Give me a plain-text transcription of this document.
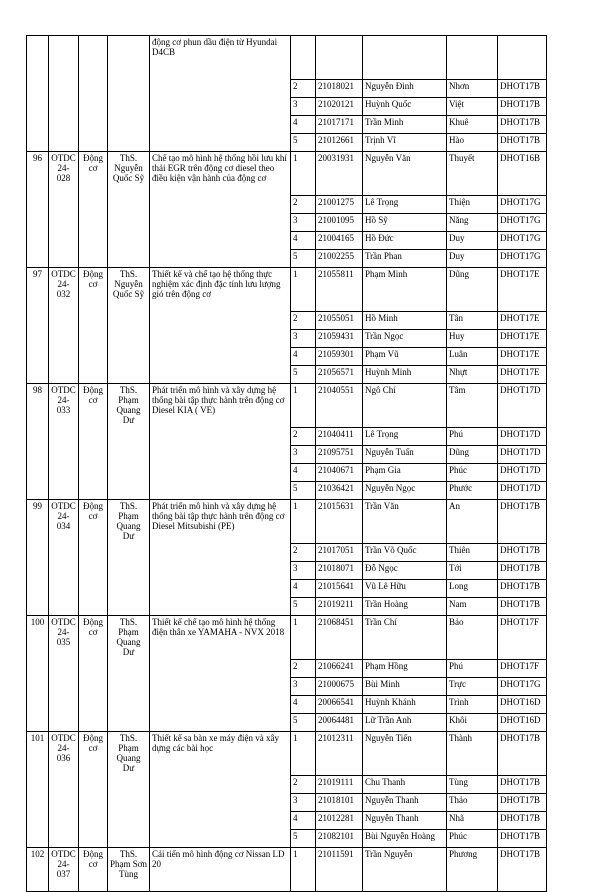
				động cơ phun dầu điện từ Hyundai D4CB					
					2	21018021	Nguyễn Đình	Nhơn	DHOT17B
					3	21020121	Huỳnh Quốc	Việt	DHOT17B
					4	21017171	Trần Minh	Khuê	DHOT17B
					5	21012661	Trịnh Vĩ	Hào	DHOT17B
96	OTDC 24-028	Động cơ	ThS. Nguyễn Quốc Sỹ	Chế tạo mô hình hệ thống hồi lưu khí thải EGR trên động cơ diesel theo điều kiện vận hành của động cơ	1	20031931	Nguyễn Văn	Thuyết	DHOT16B
					2	21001275	Lê Trọng	Thiện	DHOT17G
					3	21001095	Hồ Sỹ	Năng	DHOT17G
					4	21004165	Hồ Đức	Duy	DHOT17G
					5	21002255	Trần Phan	Duy	DHOT17G
97	OTDC 24-032	Động cơ	ThS. Nguyễn Quốc Sỹ	Thiết kế và chế tạo hệ thống thực nghiệm xác định đặc tính lưu lượng gió trên động cơ	1	21055811	Phạm Minh	Dũng	DHOT17E
					2	21055051	Hồ Minh	Tân	DHOT17E
					3	21059431	Trần Ngọc	Huy	DHOT17E
					4	21059301	Phạm Vũ	Luân	DHOT17E
					5	21056571	Huỳnh Minh	Nhựt	DHOT17E
98	OTDC 24-033	Động cơ	ThS. Phạm Quang Dư	Phát triển mô hình và xây dựng hệ thống bài tập thực hành trên động cơ Diesel KIA ( VE)	1	21040551	Ngô Chí	Tâm	DHOT17D
					2	21040411	Lê Trọng	Phú	DHOT17D
					3	21095751	Nguyễn Tuấn	Dũng	DHOT17D
					4	21040671	Phạm Gia	Phúc	DHOT17D
					5	21036421	Nguyễn Ngọc	Phước	DHOT17D
99	OTDC 24-034	Động cơ	ThS. Phạm Quang Dư	Phát triển mô hình và xây dựng hệ thống bài tập thực hành trên động cơ Diesel Mitsubishi (PE)	1	21015631	Trần Văn	An	DHOT17B
					2	21017051	Trần Võ Quốc	Thiên	DHOT17B
					3	21018071	Đỗ Ngọc	Tới	DHOT17B
					4	21015641	Vũ Lê Hữu	Long	DHOT17B
					5	21019211	Trần Hoàng	Nam	DHOT17B
100	OTDC 24-035	Động cơ	ThS. Phạm Quang Dư	Thiết kế chế tạo mô hình hệ thống điện thân xe YAMAHA - NVX 2018	1	21068451	Trần Chí	Bảo	DHOT17F
					2	21066241	Phạm Hồng	Phú	DHOT17F
					3	21000675	Bùi Minh	Trực	DHOT17G
					4	20066541	Huỳnh Khánh	Trình	DHOT16D
					5	20064481	Lữ Trần Anh	Khôi	DHOT16D
101	OTDC 24-036	Động cơ	ThS. Phạm Quang Dư	Thiết kế sa bàn xe máy điện và xây dựng các bài học	1	21012311	Nguyễn Tiến	Thành	DHOT17B
					2	21019111	Chu Thanh	Tùng	DHOT17B
					3	21018101	Nguyễn Thanh	Thảo	DHOT17B
					4	21012281	Nguyễn Thanh	Nhã	DHOT17B
					5	21082101	Bùi Nguyễn Hoàng	Phúc	DHOT17B
102	OTDC 24-037	Động cơ	ThS. Phạm Sơn Tùng	Cải tiến mô hình động cơ Nissan LD 20	1	21011591	Trần Nguyễn	Phương	DHOT17B
